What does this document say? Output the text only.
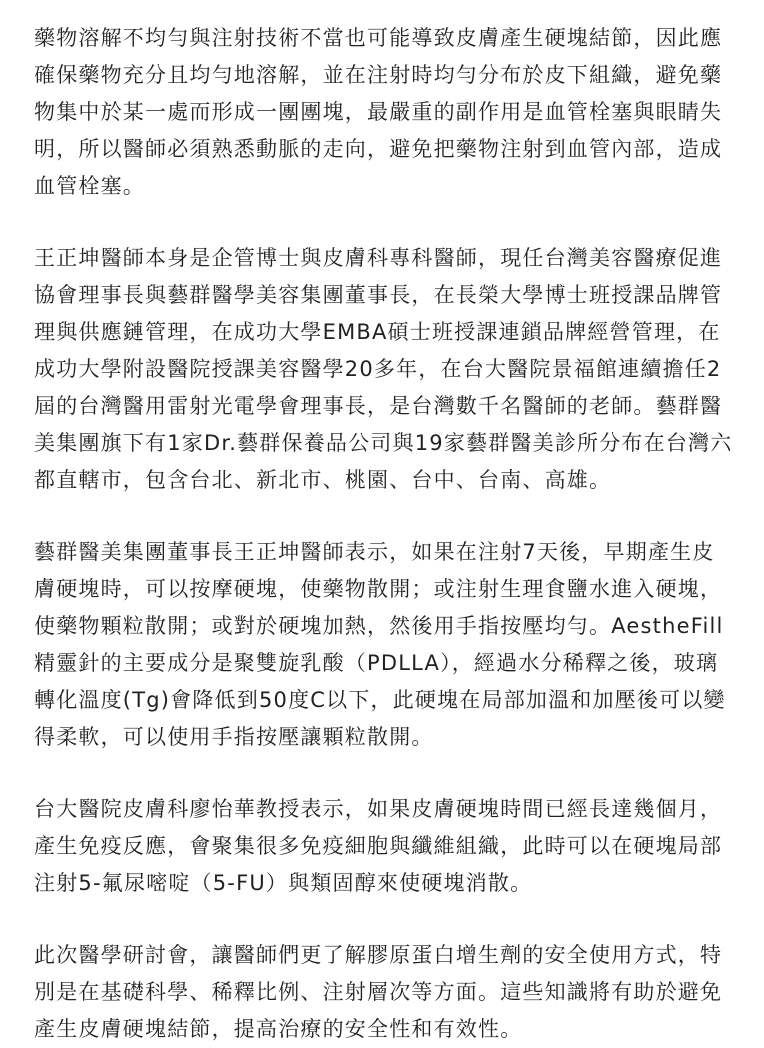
藥物溶解不均勻與注射技術不當也可能導致皮膚產生硬塊結節，因此應確保藥物充分且均勻地溶解，並在注射時均勻分布於皮下組織，避免藥物集中於某一處而形成一團團塊，最嚴重的副作用是血管栓塞與眼睛失明，所以醫師必須熟悉動脈的走向，避免把藥物注射到血管內部，造成血管栓塞。

王正坤醫師本身是企管博士與皮膚科專科醫師，現任台灣美容醫療促進協會理事長與藝群醫學美容集團董事長，在長榮大學博士班授課品牌管理與供應鏈管理，在成功大學EMBA碩士班授課連鎖品牌經營管理，在成功大學附設醫院授課美容醫學20多年，在台大醫院景福館連續擔任2屆的台灣醫用雷射光電學會理事長，是台灣數千名醫師的老師。藝群醫美集團旗下有1家Dr.藝群保養品公司與19家藝群醫美診所分布在台灣六都直轄市，包含台北、新北市、桃園、台中、台南、高雄。

藝群醫美集團董事長王正坤醫師表示，如果在注射7天後，早期產生皮膚硬塊時，可以按摩硬塊，使藥物散開；或注射生理食鹽水進入硬塊，使藥物顆粒散開；或對於硬塊加熱，然後用手指按壓均勻。AestheFill精靈針的主要成分是聚雙旋乳酸（PDLLA），經過水分稀釋之後，玻璃轉化溫度(Tg)會降低到50度C以下，此硬塊在局部加溫和加壓後可以變得柔軟，可以使用手指按壓讓顆粒散開。

台大醫院皮膚科廖怡華教授表示，如果皮膚硬塊時間已經長達幾個月，產生免疫反應，會聚集很多免疫細胞與纖維組織，此時可以在硬塊局部注射5-氟尿嘧啶（5-FU）與類固醇來使硬塊消散。

此次醫學研討會，讓醫師們更了解膠原蛋白增生劑的安全使用方式，特別是在基礎科學、稀釋比例、注射層次等方面。這些知識將有助於避免產生皮膚硬塊結節，提高治療的安全性和有效性。
